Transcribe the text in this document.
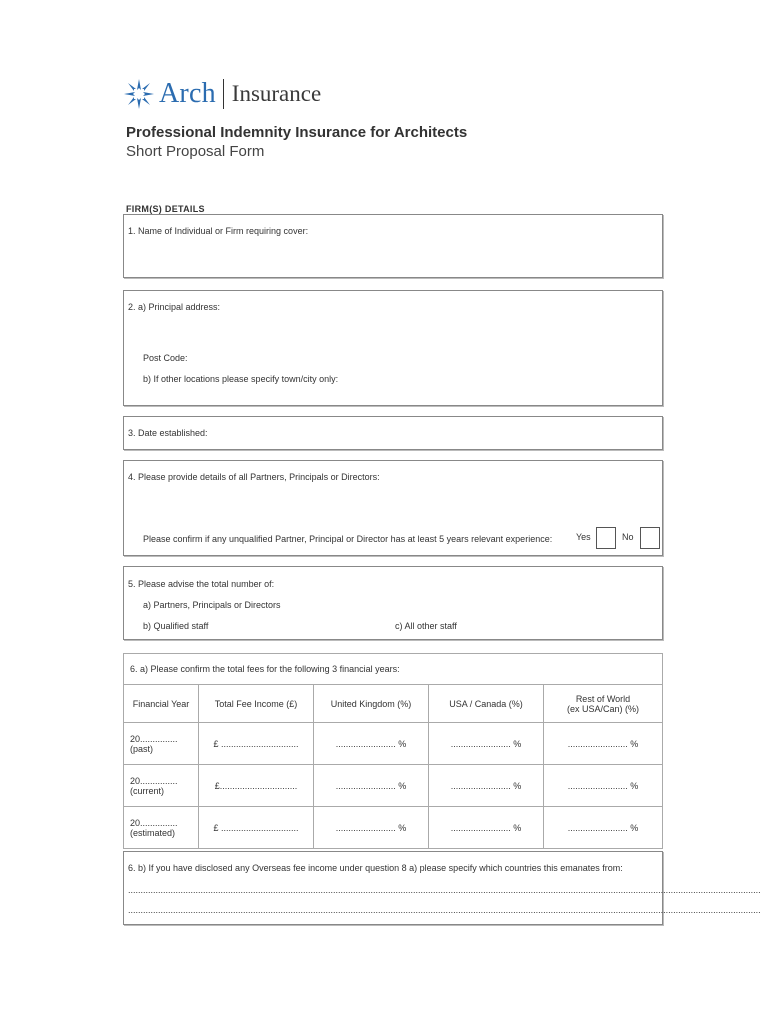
Arch Insurance
Professional Indemnity Insurance for Architects
Short Proposal Form
FIRM(S) DETAILS
1. Name of Individual or Firm requiring cover:
2. a) Principal address:
Post Code:
b) If other locations please specify town/city only:
3. Date established:
4. Please provide details of all Partners, Principals or Directors:
Please confirm if any unqualified Partner, Principal or Director has at least 5 years relevant experience:	Yes	No
5. Please advise the total number of:
a) Partners, Principals or Directors
b) Qualified staff	c) All other staff
6. a) Please confirm the total fees for the following 3 financial years:				
Financial Year	Total Fee Income (£)	United Kingdom (%)	USA / Canada (%)	Rest of World
(ex USA/Can) (%)

20...............
(past)	£ ...............................	........................ %	........................ %	........................ %

20...............
(current)	£...............................	........................ %	........................ %	........................ %

20...............
(estimated)	£ ...............................	........................ %	........................ %	........................ %
6. b) If you have disclosed any Overseas fee income under question 8 a) please specify which countries this emanates from:
.............................................................................................................................................................................................................................................................
.............................................................................................................................................................................................................................................................
